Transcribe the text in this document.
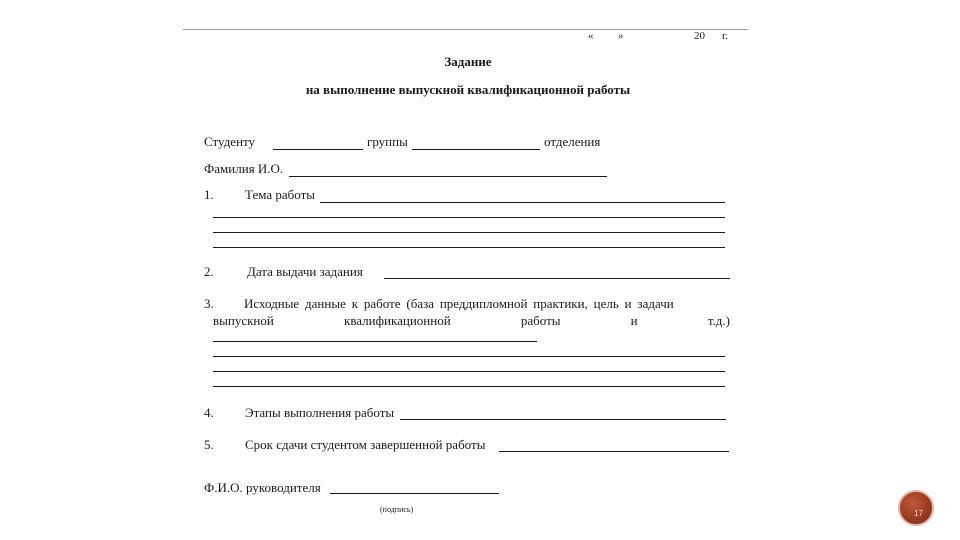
« »	20 г.
Задание
на выполнение выпускной квалификационной работы
Студенту	группы	отделения
Фамилия И.О.
1. Тема работы
2.	Дата выдачи задания
3. Исходные данные к работе (база преддипломной практики, цель и задачи
выпускной	квалификационной	работы	и	т.д.)
4. Этапы выполнения работы
5. Срок сдачи студентом завершенной работы
Ф.И.О. руководителя
(подпись)	17
